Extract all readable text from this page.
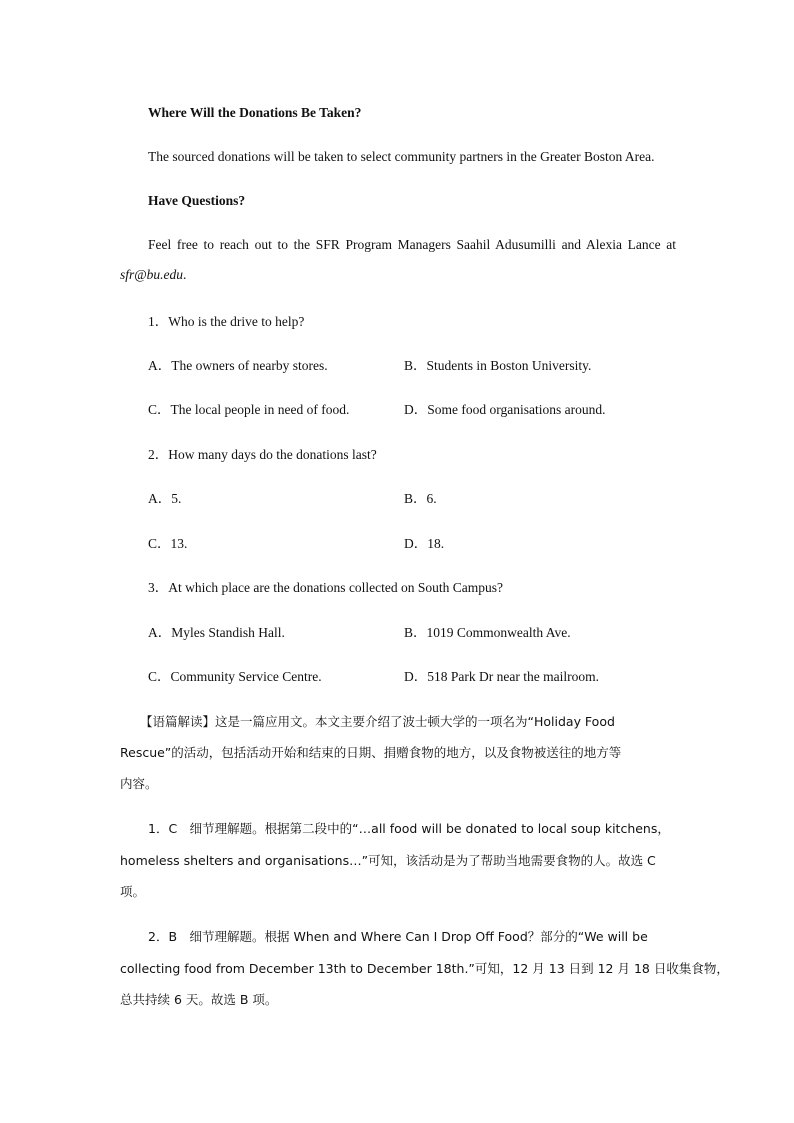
Where Will the Donations Be Taken?
The sourced donations will be taken to select community partners in the Greater Boston Area.
Have Questions?
Feel free to reach out to the SFR Program Managers Saahil Adusumilli and Alexia Lance at sfr@bu.edu.
1．Who is the drive to help?
A．The owners of nearby stores.	B．Students in Boston University.
C．The local people in need of food.	D．Some food organisations around.
2．How many days do the donations last?
A．5.	B．6.
C．13.	D．18.
3．At which place are the donations collected on South Campus?
A．Myles Standish Hall.	B．1019 Commonwealth Ave.
C．Community Service Centre.	D．518 Park Dr near the mailroom.
【语篇解读】这是一篇应用文。本文主要介绍了波士顿大学的一项名为“Holiday Food
Rescue”的活动，包括活动开始和结束的日期、捐赠食物的地方，以及食物被送往的地方等
内容。
1．C　细节理解题。根据第二段中的“…all food will be donated to local soup kitchens，
homeless shelters and organisations…”可知，该活动是为了帮助当地需要食物的人。故选 C
项。
2．B　细节理解题。根据 When and Where Can I Drop Off Food？部分的“We will be
collecting food from December 13th to December 18th.”可知，12 月 13 日到 12 月 18 日收集食物，
总共持续 6 天。故选 B 项。
